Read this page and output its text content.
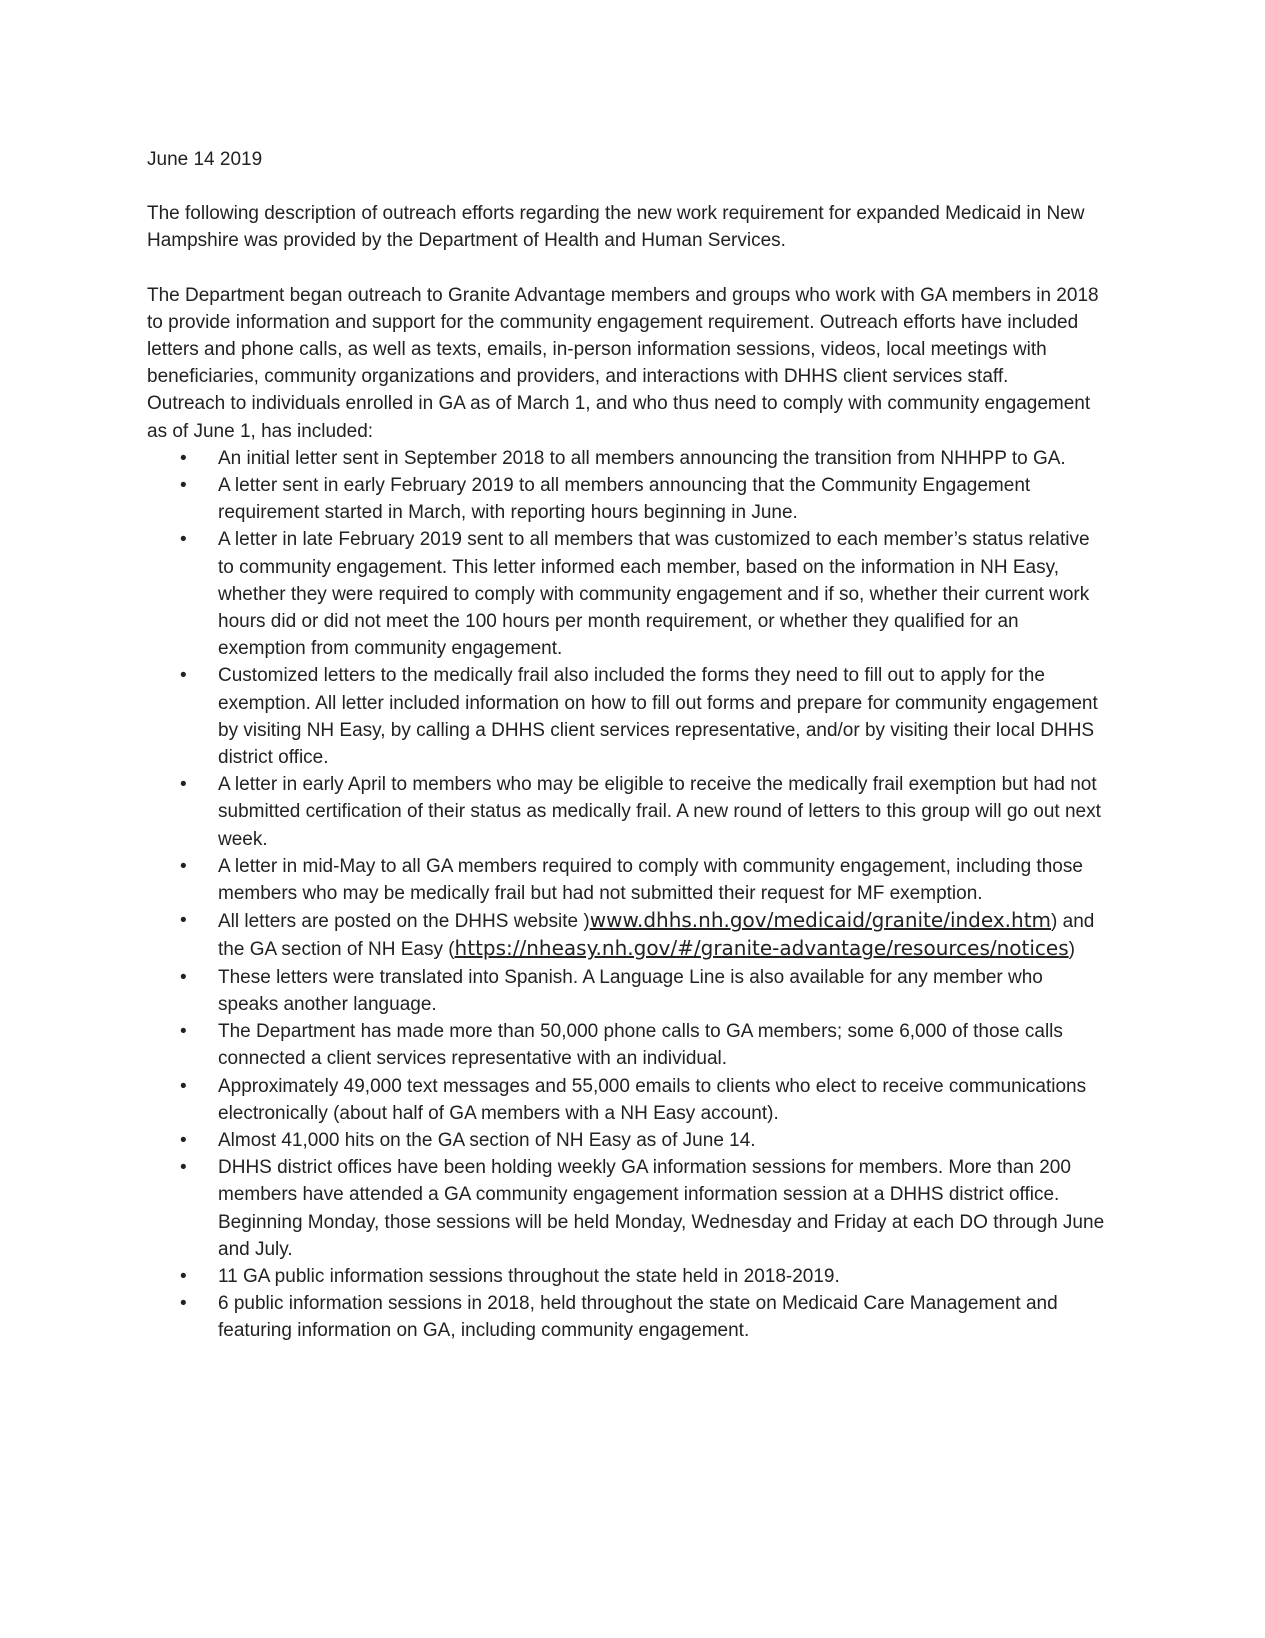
June 14 2019

The following description of outreach efforts regarding the new work requirement for expanded Medicaid in New Hampshire was provided by the Department of Health and Human Services.

The Department began outreach to Granite Advantage members and groups who work with GA members in 2018 to provide information and support for the community engagement requirement. Outreach efforts have included letters and phone calls, as well as texts, emails, in-person information sessions, videos, local meetings with beneficiaries, community organizations and providers, and interactions with DHHS client services staff.

Outreach to individuals enrolled in GA as of March 1, and who thus need to comply with community engagement as of June 1, has included:

• An initial letter sent in September 2018 to all members announcing the transition from NHHPP to GA.
• A letter sent in early February 2019 to all members announcing that the Community Engagement requirement started in March, with reporting hours beginning in June.
• A letter in late February 2019 sent to all members that was customized to each member’s status relative to community engagement. This letter informed each member, based on the information in NH Easy, whether they were required to comply with community engagement and if so, whether their current work hours did or did not meet the 100 hours per month requirement, or whether they qualified for an exemption from community engagement.
• Customized letters to the medically frail also included the forms they need to fill out to apply for the exemption. All letter included information on how to fill out forms and prepare for community engagement by visiting NH Easy, by calling a DHHS client services representative, and/or by visiting their local DHHS district office.
• A letter in early April to members who may be eligible to receive the medically frail exemption but had not submitted certification of their status as medically frail. A new round of letters to this group will go out next week.
• A letter in mid-May to all GA members required to comply with community engagement, including those members who may be medically frail but had not submitted their request for MF exemption.
• All letters are posted on the DHHS website )www.dhhs.nh.gov/medicaid/granite/index.htm) and the GA section of NH Easy (https://nheasy.nh.gov/#/granite-advantage/resources/notices)
• These letters were translated into Spanish. A Language Line is also available for any member who speaks another language.
• The Department has made more than 50,000 phone calls to GA members; some 6,000 of those calls connected a client services representative with an individual.
• Approximately 49,000 text messages and 55,000 emails to clients who elect to receive communications electronically (about half of GA members with a NH Easy account).
• Almost 41,000 hits on the GA section of NH Easy as of June 14.
• DHHS district offices have been holding weekly GA information sessions for members. More than 200 members have attended a GA community engagement information session at a DHHS district office. Beginning Monday, those sessions will be held Monday, Wednesday and Friday at each DO through June and July.
• 11 GA public information sessions throughout the state held in 2018-2019.
• 6 public information sessions in 2018, held throughout the state on Medicaid Care Management and featuring information on GA, including community engagement.
